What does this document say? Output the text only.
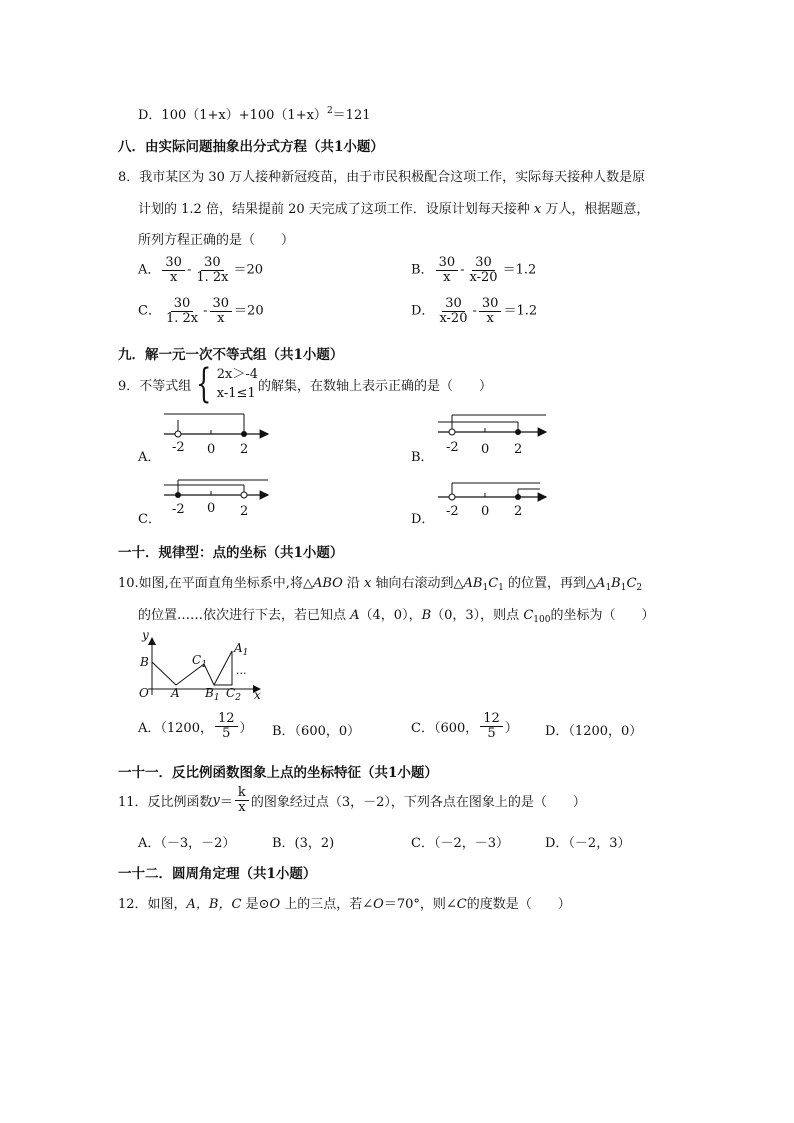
D．$100(1+x)+100(1+x)^2=121$
八．由实际问题抽象出分式方程（共1小题）
8．我市某区为 30 万人接种新冠疫苗，由于市民积极配合这项工作，实际每天接种人数是原
计划的 1.2 倍，结果提前 20 天完成了这项工作．设原计划每天接种 x 万人，根据题意，
所列方程正确的是（　　）
A． $\frac{30}{x} - \frac{30}{1. 2x} =20$	B． $\frac{30}{x} - \frac{30}{x-20} =1.2$
C． $\frac{30}{1. 2x} - \frac{30}{x} =20$	D． $\frac{30}{x-20} - \frac{30}{x} =1.2$
九．解一元一次不等式组（共1小题）
9．不等式组 { 2x＞-4
x-1≤1 的解集，在数轴上表示正确的是（　　）
A．	B．
C．	D．
-2 0 2	-2 0 2
-2 0 2	-2 0 2
一十．规律型：点的坐标（共1小题）
10.如图,在平面直角坐标系中,将△ABO 沿 x 轴向右滚动到$\triangle AB_1C_1$ 的位置，再到$\triangle A_1B_1C_2$
的位置……依次进行下去，若已知点 A（4，0），B（0，3），则点 $C_{100}$的坐标为（　　）
y
B
O A
$C_1$
$B_1$ $C_2$
$A_1$
...
x
A．（1200， $\frac{12}{5}$ ） B．（600，0）	C．（600， $\frac{12}{5}$ ） D．（1200，0）
一十一．反比例函数图象上点的坐标特征（共1小题）
11．反比例函数 $y = \frac{k}{x}$ 的图象经过点（3，－2），下列各点在图象上的是（　　）
A．（－3，－2）	B．(3，2)	C．（－2，－3）	D．（－2，3）
一十二．圆周角定理（共1小题）
12．如图，A，B，C 是⊙O 上的三点，若∠O＝70°，则∠C的度数是（　　）
